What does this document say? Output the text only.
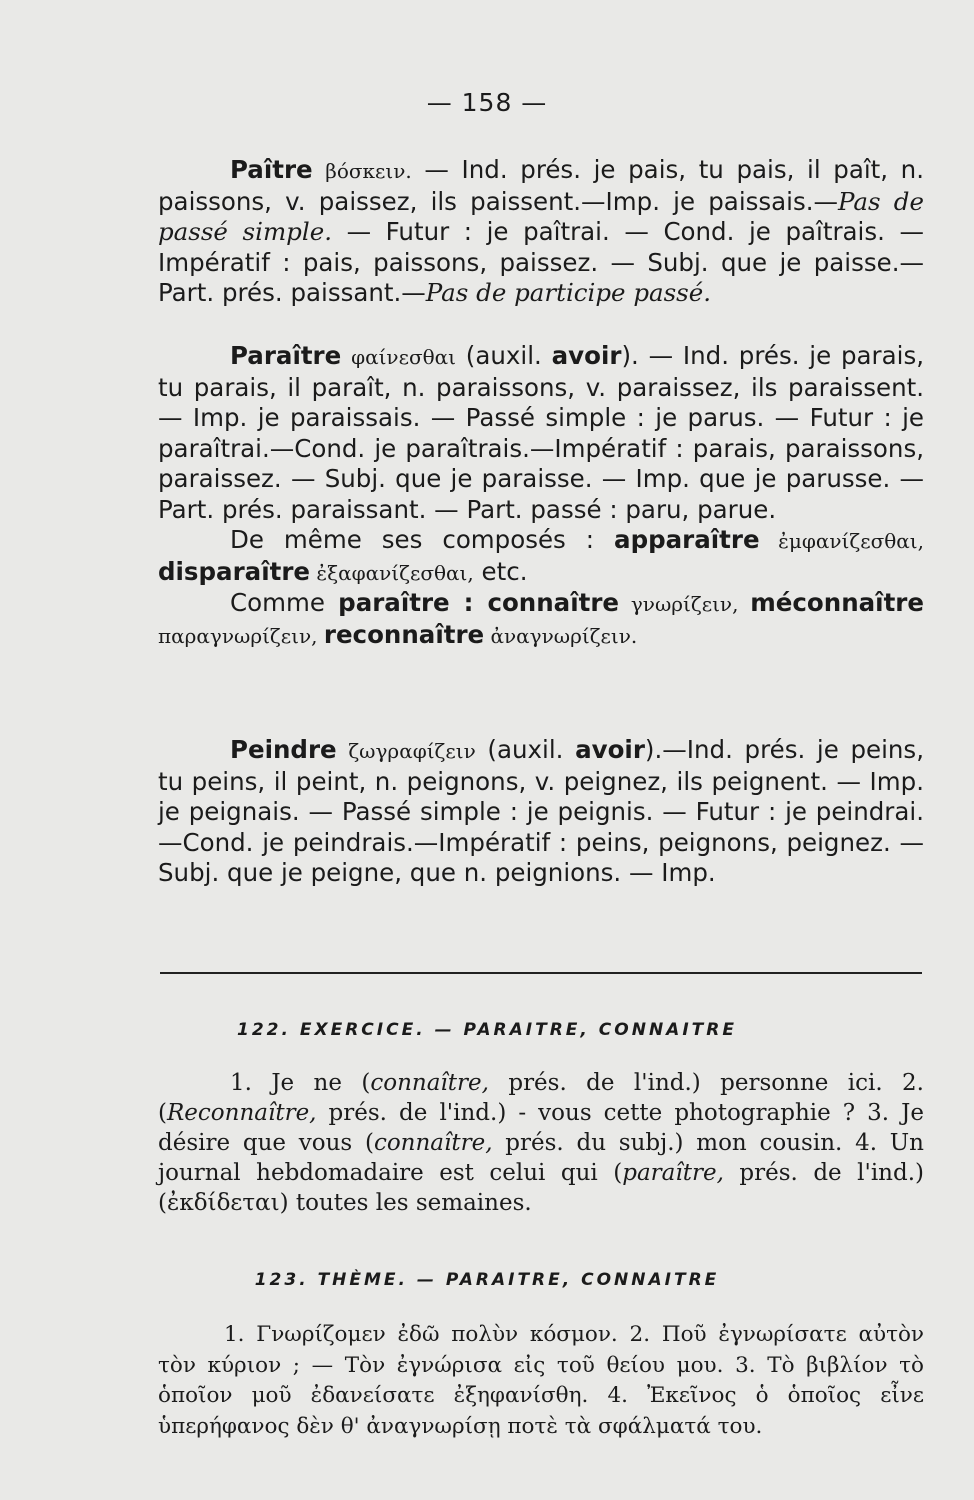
— 158 —

Paître βόσκειν. — Ind. prés. je pais, tu pais, il paît, n. paissons, v. paissez, ils paissent.—Imp. je paissais.—Pas de passé simple. — Futur : je paîtrai. — Cond. je paîtrais. — Impératif : pais, paissons, paissez. — Subj. que je paisse.— Part. prés. paissant.—Pas de participe passé.

Paraître φαίνεσθαι (auxil. avoir). — Ind. prés. je parais, tu parais, il paraît, n. paraissons, v. paraissez, ils paraissent. — Imp. je paraissais. — Passé simple : je parus. — Futur : je paraîtrai.—Cond. je paraîtrais.—Impératif : parais, paraissons, paraissez. — Subj. que je paraisse. — Imp. que je parusse. — Part. prés. paraissant. — Part. passé : paru, parue.

De même ses composés : apparaître ἐμφανίζεσθαι, disparaître ἐξαφανίζεσθαι, etc.

Comme paraître : connaître γνωρίζειν, méconnaître παραγνωρίζειν, reconnaître ἀναγνωρίζειν.

Peindre ζωγραφίζειν (auxil. avoir).—Ind. prés. je peins, tu peins, il peint, n. peignons, v. peignez, ils peignent. — Imp. je peignais. — Passé simple : je peignis. — Futur : je peindrai.—Cond. je peindrais.—Impératif : peins, peignons, peignez. — Subj. que je peigne, que n. peignions. — Imp.

122. EXERCICE. — PARAITRE, CONNAITRE

1. Je ne (connaître, prés. de l'ind.) personne ici. 2. (Reconnaître, prés. de l'ind.) - vous cette photographie ? 3. Je désire que vous (connaître, prés. du subj.) mon cousin. 4. Un journal hebdomadaire est celui qui (paraître, prés. de l'ind.) (ἐκδίδεται) toutes les semaines.

123. THÈME. — PARAITRE, CONNAITRE

1. Γνωρίζομεν ἐδῶ πολὺν κόσμον. 2. Ποῦ ἐγνωρίσατε αὐτὸν τὸν κύριον ; — Τὸν ἐγνώρισα εἰς τοῦ θείου μου. 3. Τὸ βιβλίον τὸ ὁποῖον μοῦ ἐδανείσατε ἐξηφανίσθη. 4. Ἐκεῖνος ὁ ὁποῖος εἶνε ὑπερήφανος δὲν θ' ἀναγνωρίσῃ ποτὲ τὰ σφάλματά του.
